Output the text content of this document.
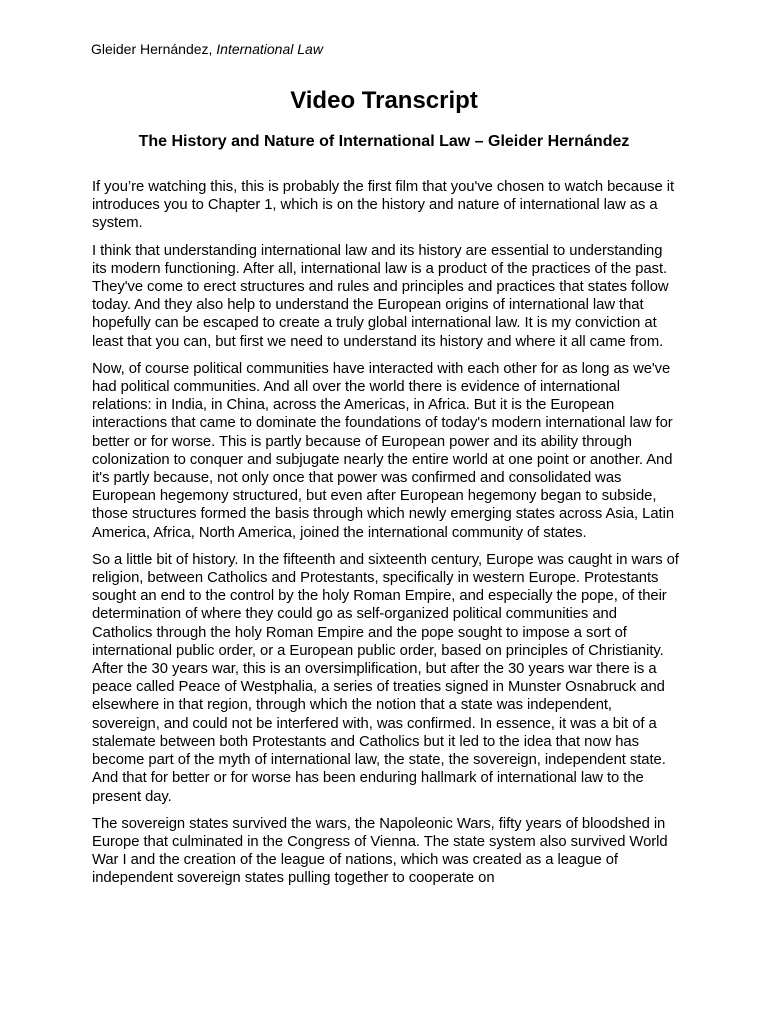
Gleider Hernández, International Law
Video Transcript
The History and Nature of International Law – Gleider Hernández

If you’re watching this, this is probably the first film that you've chosen to watch because it introduces you to Chapter 1, which is on the history and nature of international law as a system.

I think that understanding international law and its history are essential to understanding its modern functioning. After all, international law is a product of the practices of the past. They've come to erect structures and rules and principles and practices that states follow today. And they also help to understand the European origins of international law that hopefully can be escaped to create a truly global international law. It is my conviction at least that you can, but first we need to understand its history and where it all came from.

Now, of course political communities have interacted with each other for as long as we've had political communities. And all over the world there is evidence of international relations: in India, in China, across the Americas, in Africa. But it is the European interactions that came to dominate the foundations of today's modern international law for better or for worse. This is partly because of European power and its ability through colonization to conquer and subjugate nearly the entire world at one point or another. And it's partly because, not only once that power was confirmed and consolidated was European hegemony structured, but even after European hegemony began to subside, those structures formed the basis through which newly emerging states across Asia, Latin America, Africa, North America, joined the international community of states.

So a little bit of history. In the fifteenth and sixteenth century, Europe was caught in wars of religion, between Catholics and Protestants, specifically in western Europe. Protestants sought an end to the control by the holy Roman Empire, and especially the pope, of their determination of where they could go as self-organized political communities and Catholics through the holy Roman Empire and the pope sought to impose a sort of international public order, or a European public order, based on principles of Christianity. After the 30 years war, this is an oversimplification, but after the 30 years war there is a peace called Peace of Westphalia, a series of treaties signed in Munster Osnabruck and elsewhere in that region, through which the notion that a state was independent, sovereign, and could not be interfered with, was confirmed. In essence, it was a bit of a stalemate between both Protestants and Catholics but it led to the idea that now has become part of the myth of international law, the state, the sovereign, independent state. And that for better or for worse has been enduring hallmark of international law to the present day.

The sovereign states survived the wars, the Napoleonic Wars, fifty years of bloodshed in Europe that culminated in the Congress of Vienna. The state system also survived World War I and the creation of the league of nations, which was created as a league of independent sovereign states pulling together to cooperate on
